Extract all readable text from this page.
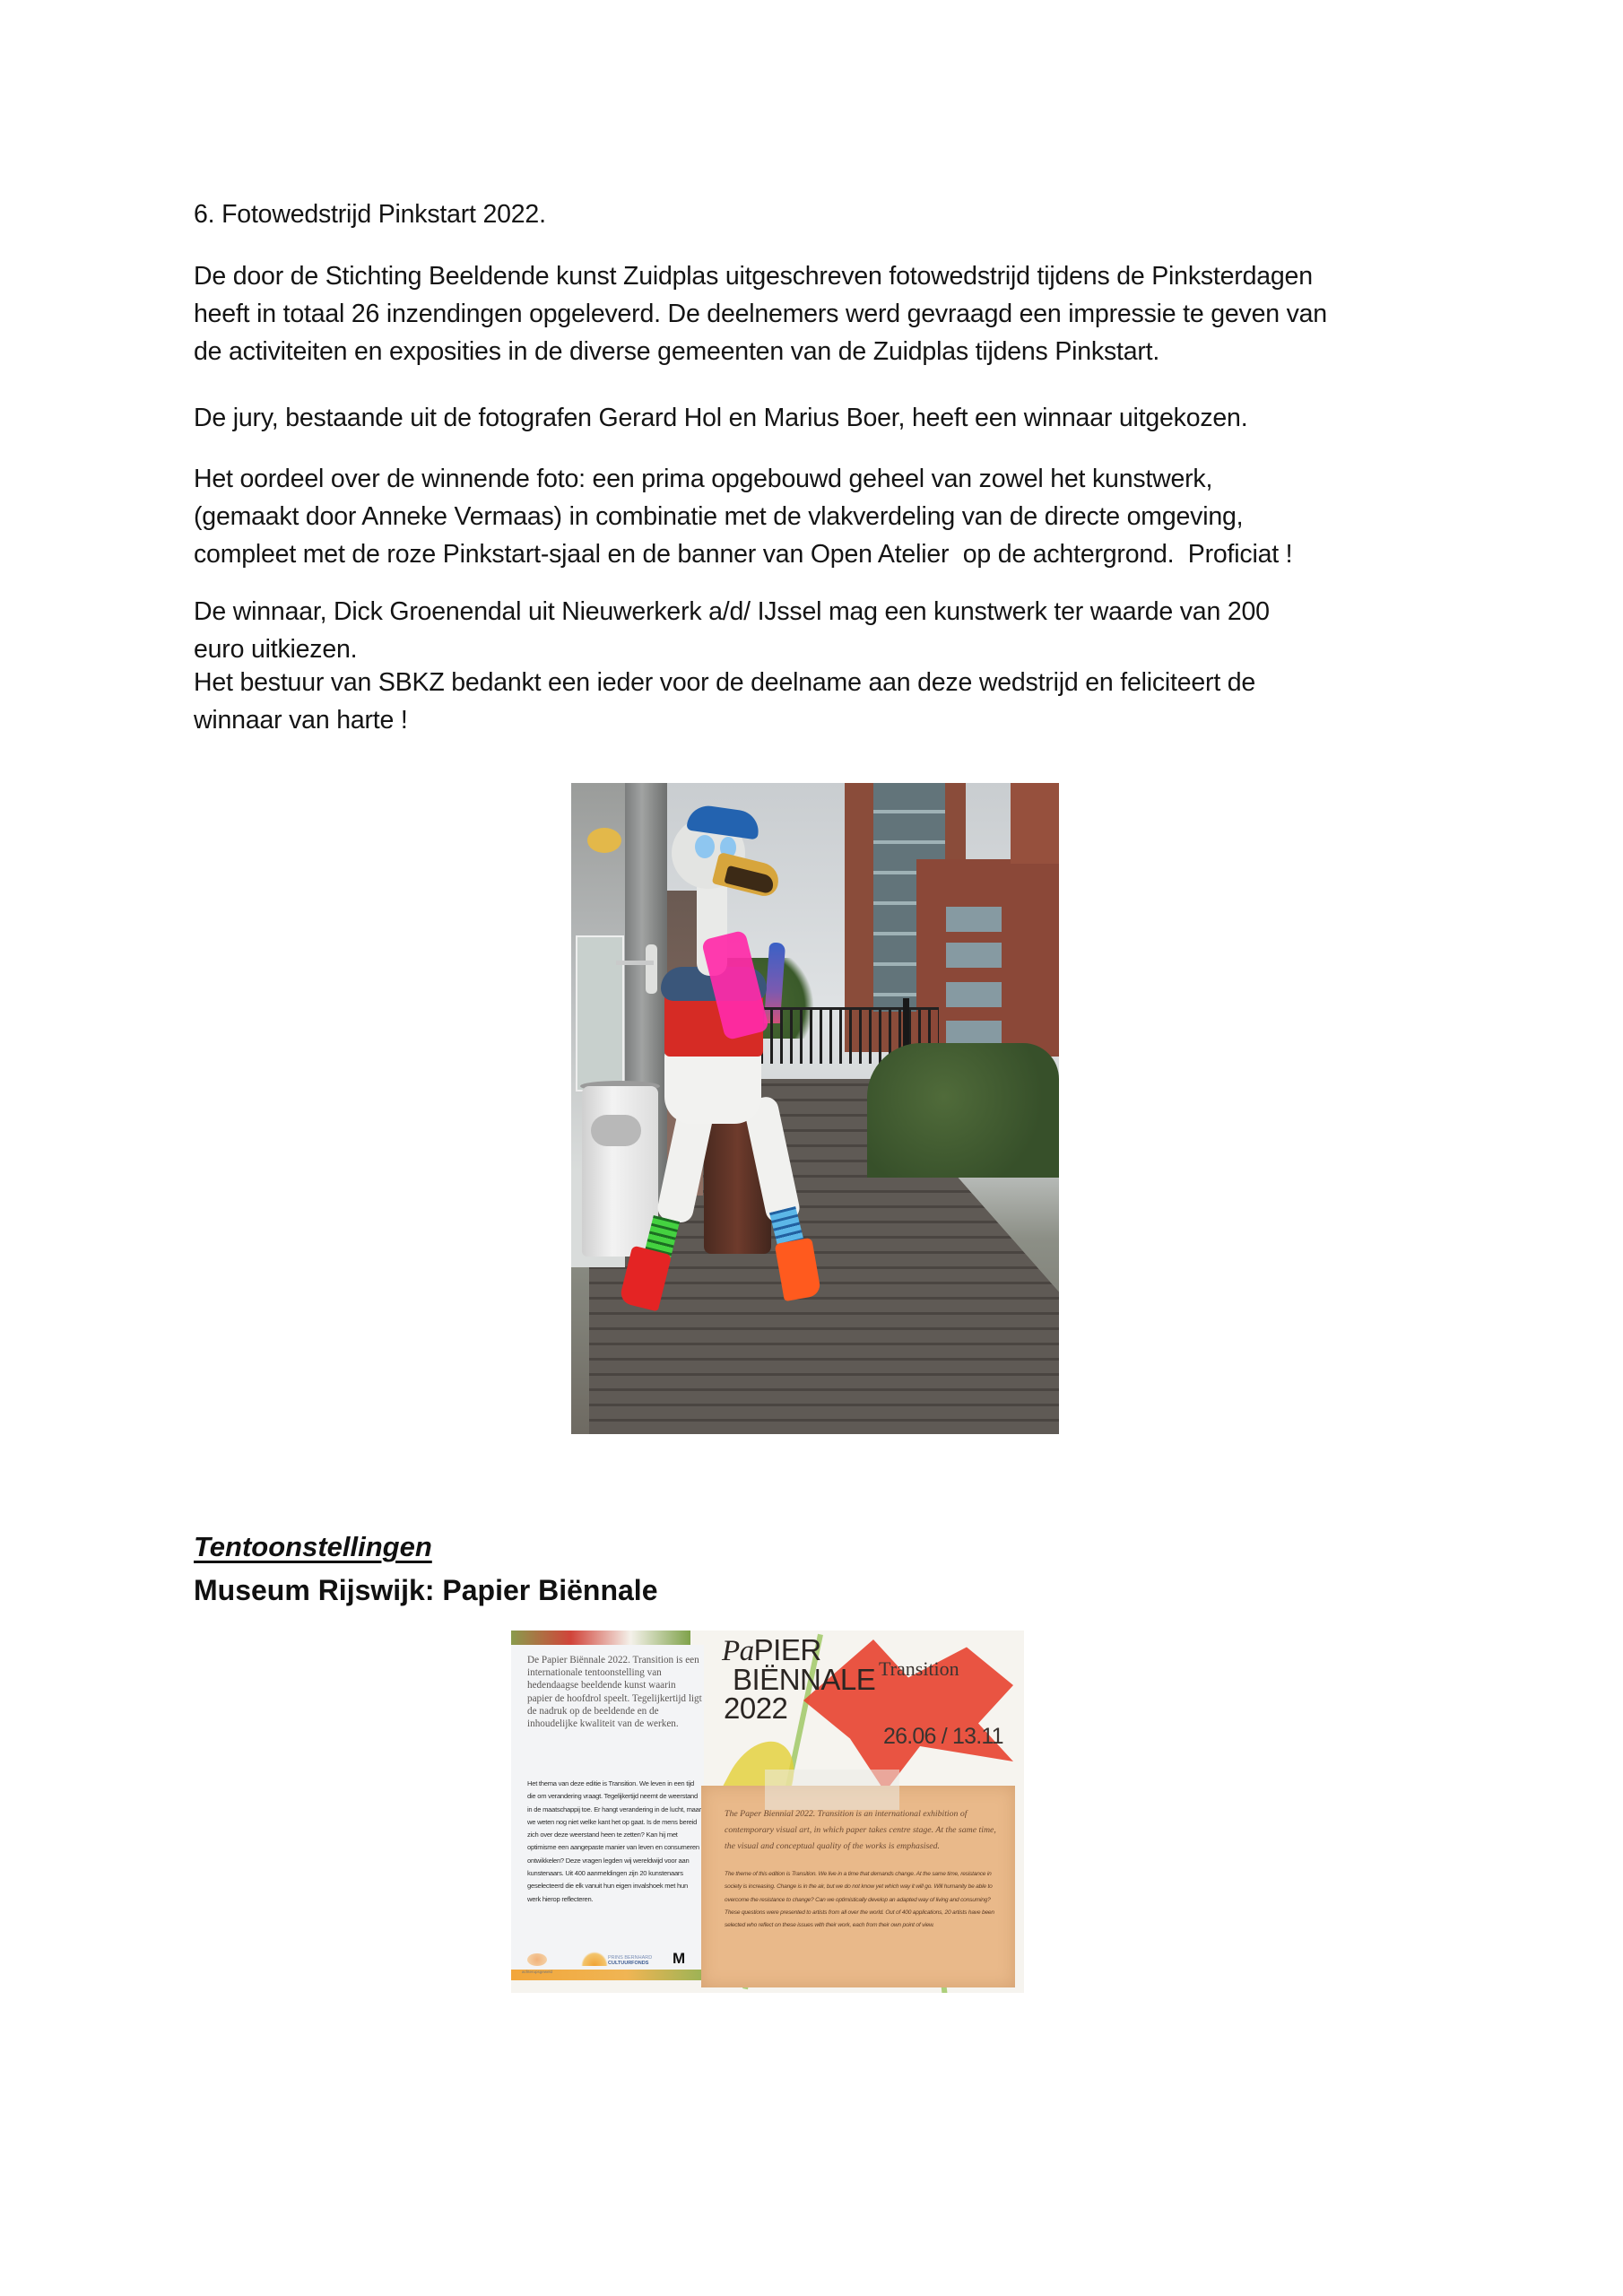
6. Fotowedstrijd Pinkstart 2022.

De door de Stichting Beeldende kunst Zuidplas uitgeschreven fotowedstrijd tijdens de Pinksterdagen

heeft in totaal 26 inzendingen opgeleverd. De deelnemers werd gevraagd een impressie te geven van

de activiteiten en exposities in de diverse gemeenten van de Zuidplas tijdens Pinkstart.

De jury, bestaande uit de fotografen Gerard Hol en Marius Boer, heeft een winnaar uitgekozen.

Het oordeel over de winnende foto: een prima opgebouwd geheel van zowel het kunstwerk,

(gemaakt door Anneke Vermaas) in combinatie met de vlakverdeling van de directe omgeving,

compleet met de roze Pinkstart-sjaal en de banner van Open Atelier  op de achtergrond.  Proficiat !

De winnaar, Dick Groenendal uit Nieuwerkerk a/d/ IJssel mag een kunstwerk ter waarde van 200

euro uitkiezen.

Het bestuur van SBKZ bedankt een ieder voor de deelname aan deze wedstrijd en feliciteert de

winnaar van harte !

Tentoonstellingen
Museum Rijswijk: Papier Biënnale
De Papier Biënnale 2022. Transition is een internationale tentoonstelling van hedendaagse beeldende kunst waarin papier de hoofdrol speelt. Tegelijkertijd ligt de nadruk op de beeldende en de inhoudelijke kwaliteit van de werken.
Het thema van deze editie is Transition. We leven in een tijd die om verandering vraagt. Tegelijkertijd neemt de weerstand in de maatschappij toe. Er hangt verandering in de lucht, maar we weten nog niet welke kant het op gaat. Is de mens bereid zich over deze weerstand heen te zetten? Kan hij met optimisme een aangepaste manier van leven en consumeren ontwikkelen? Deze vragen legden wij wereldwijd voor aan kunstenaars. Uit 400 aanmeldingen zijn 20 kunstenaars geselecteerd die elk vanuit hun eigen invalshoek met hun werk hierop reflecteren.
achterupsgeweld
PRINS BERNHARD
CULTUURFONDS M
PaPIER
BIËNNALE
2022
Transition
26.06 / 13.11
The Paper Biennial 2022. Transition is an international exhibition of contemporary visual art, in which paper takes centre stage. At the same time, the visual and conceptual quality of the works is emphasised.
The theme of this edition is Transition. We live in a time that demands change. At the same time, resistance in society is increasing. Change is in the air, but we do not know yet which way it will go. Will humanity be able to overcome the resistance to change? Can we optimistically develop an adapted way of living and consuming? These questions were presented to artists from all over the world. Out of 400 applications, 20 artists have been selected who reflect on these issues with their work, each from their own point of view.
